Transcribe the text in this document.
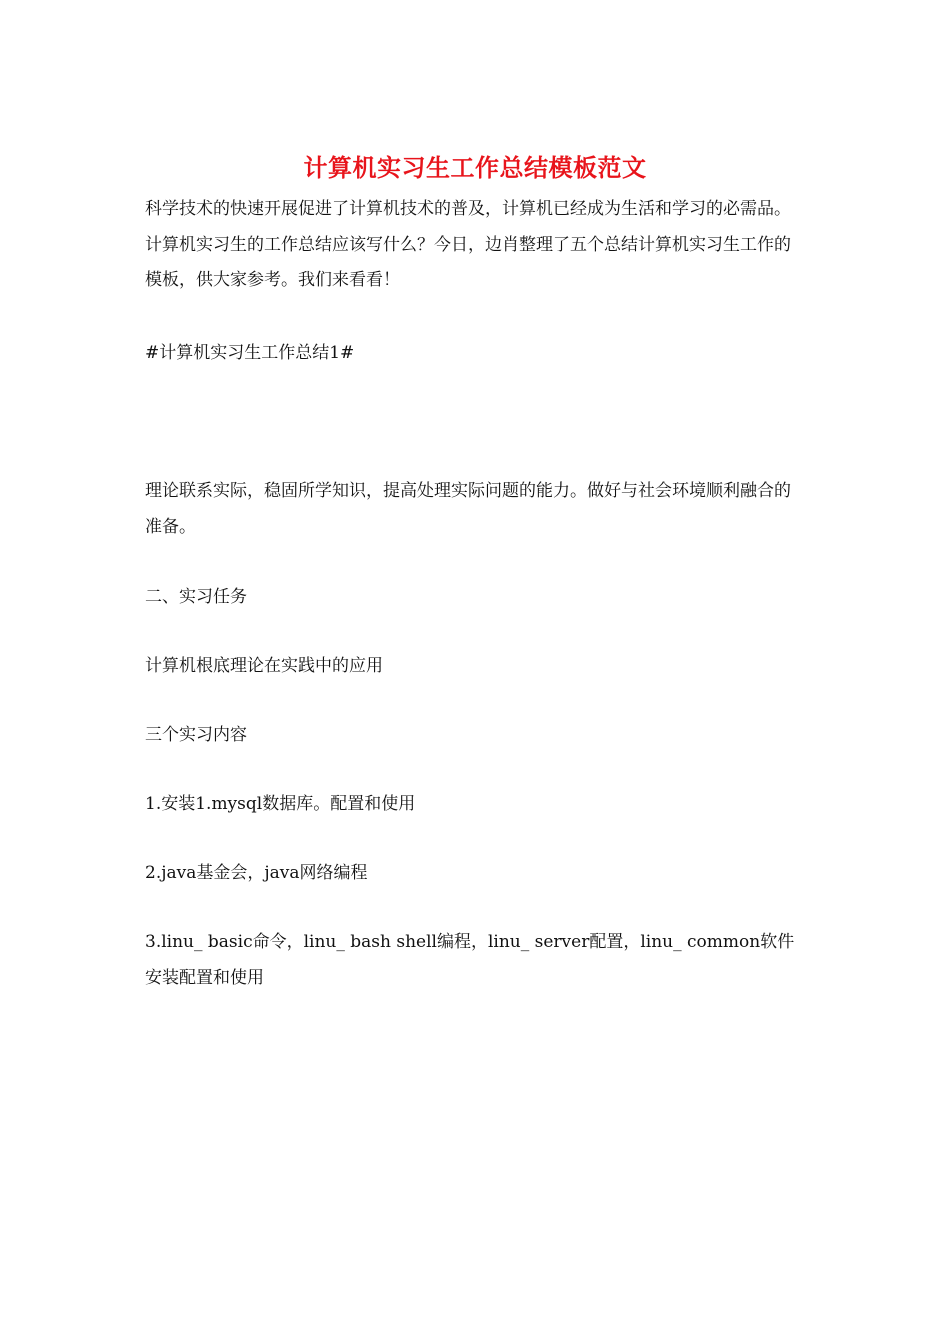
计算机实习生工作总结模板范文

科学技术的快速开展促进了计算机技术的普及，计算机已经成为生活和学习的必需品。计算机实习生的工作总结应该写什么？今日，边肖整理了五个总结计算机实习生工作的模板，供大家参考。我们来看看！

#计算机实习生工作总结1#

理论联系实际，稳固所学知识，提高处理实际问题的能力。做好与社会环境顺利融合的准备。

二、实习任务

计算机根底理论在实践中的应用

三个实习内容

1.安装1.mysql数据库。配置和使用

2.java基金会，java网络编程

3.linu_ basic命令，linu_ bash shell编程，linu_ server配置，linu_ common软件安装配置和使用
